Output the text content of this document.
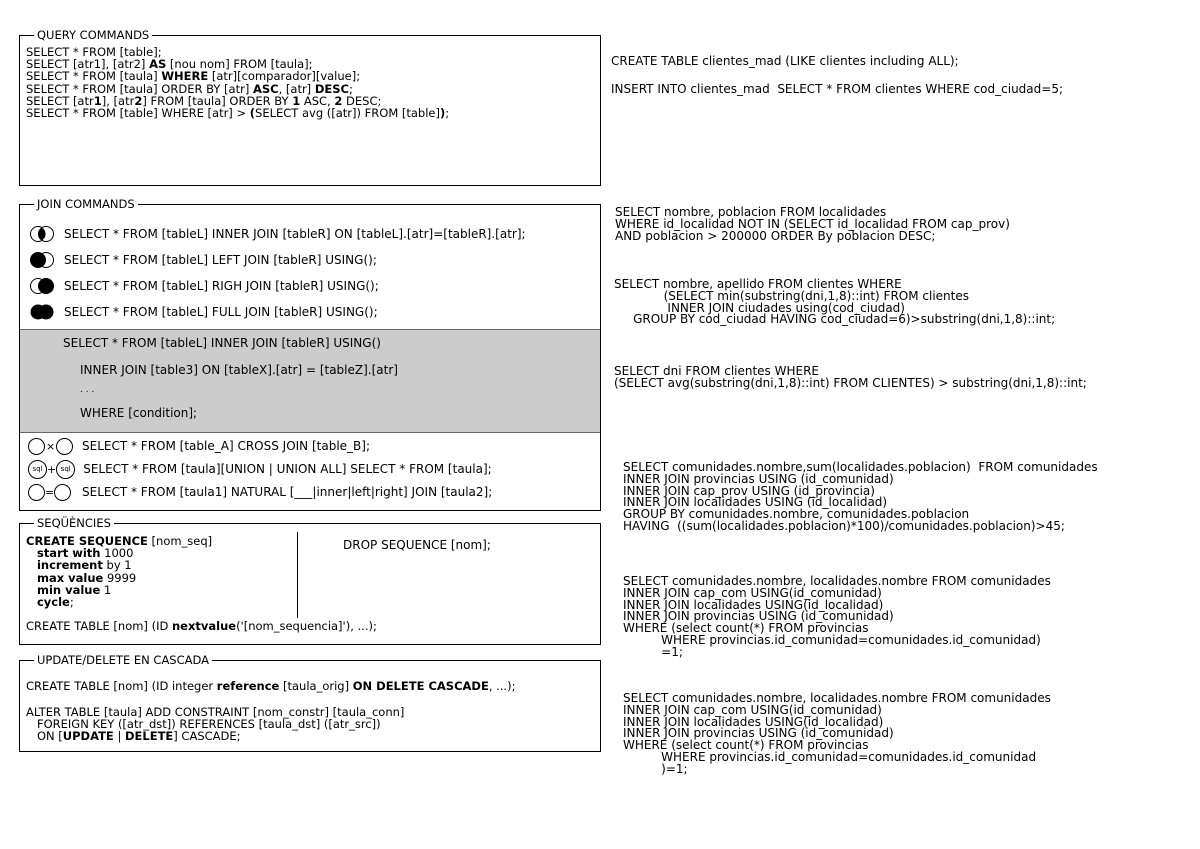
QUERY COMMANDS
SELECT * FROM [table];
SELECT [atr1], [atr2] AS [nou nom] FROM [taula];
SELECT * FROM [taula] WHERE [atr][comparador][value];
SELECT * FROM [taula] ORDER BY [atr] ASC, [atr] DESC;
SELECT [atr1], [atr2] FROM [taula] ORDER BY 1 ASC, 2 DESC;
SELECT * FROM [table] WHERE [atr] > (SELECT avg ([atr]) FROM [table]);
JOIN COMMANDS
SELECT * FROM [tableL] INNER JOIN [tableR] ON [tableL].[atr]=[tableR].[atr];
SELECT * FROM [tableL] LEFT JOIN [tableR] USING();
SELECT * FROM [tableL] RIGH JOIN [tableR] USING();
SELECT * FROM [tableL] FULL JOIN [tableR] USING();
SELECT * FROM [tableL] INNER JOIN [tableR] USING()
INNER JOIN [table3] ON [tableX].[atr] = [tableZ].[atr]
. . .
WHERE [condition];
× SELECT * FROM [table_A] CROSS JOIN [table_B];
sql + sql	SELECT * FROM [taula][UNION | UNION ALL] SELECT * FROM [taula];
= SELECT * FROM [taula1] NATURAL [___|inner|left|right] JOIN [taula2];
SEQÜÈNCIES
CREATE SEQUENCE [nom_seq]
start with 1000
increment by 1
max value 9999
min value 1
cycle;
DROP SEQUENCE [nom];
CREATE TABLE [nom] (ID nextvalue('[nom_sequencia]'), ...);
UPDATE/DELETE EN CASCADA
CREATE TABLE [nom] (ID integer reference [taula_orig] ON DELETE CASCADE, ...);
ALTER TABLE [taula] ADD CONSTRAINT [nom_constr] [taula_conn]
FOREIGN KEY ([atr_dst]) REFERENCES [taula_dst] ([atr_src])
ON [UPDATE | DELETE] CASCADE;
CREATE TABLE clientes_mad (LIKE clientes including ALL);
INSERT INTO clientes_mad  SELECT * FROM clientes WHERE cod_ciudad=5;
SELECT nombre, poblacion FROM localidades
WHERE id_localidad NOT IN (SELECT id_localidad FROM cap_prov)
AND poblacion > 200000 ORDER By poblacion DESC;
SELECT nombre, apellido FROM clientes WHERE
(SELECT min(substring(dni,1,8)::int) FROM clientes
INNER JOIN ciudades using(cod_ciudad)
GROUP BY cod_ciudad HAVING cod_ciudad=6)>substring(dni,1,8)::int;
SELECT dni FROM clientes WHERE
(SELECT avg(substring(dni,1,8)::int) FROM CLIENTES) > substring(dni,1,8)::int;
SELECT comunidades.nombre,sum(localidades.poblacion)  FROM comunidades
INNER JOIN provincias USING (id_comunidad)
INNER JOIN cap_prov USING (id_provincia)
INNER JOIN localidades USING (id_localidad)
GROUP BY comunidades.nombre, comunidades.poblacion
HAVING  ((sum(localidades.poblacion)*100)/comunidades.poblacion)>45;
SELECT comunidades.nombre, localidades.nombre FROM comunidades
INNER JOIN cap_com USING(id_comunidad)
INNER JOIN localidades USING(id_localidad)
INNER JOIN provincias USING (id_comunidad)
WHERE (select count(*) FROM provincias
WHERE provincias.id_comunidad=comunidades.id_comunidad)
=1;
SELECT comunidades.nombre, localidades.nombre FROM comunidades
INNER JOIN cap_com USING(id_comunidad)
INNER JOIN localidades USING(id_localidad)
INNER JOIN provincias USING (id_comunidad)
WHERE (select count(*) FROM provincias
WHERE provincias.id_comunidad=comunidades.id_comunidad
)=1;
